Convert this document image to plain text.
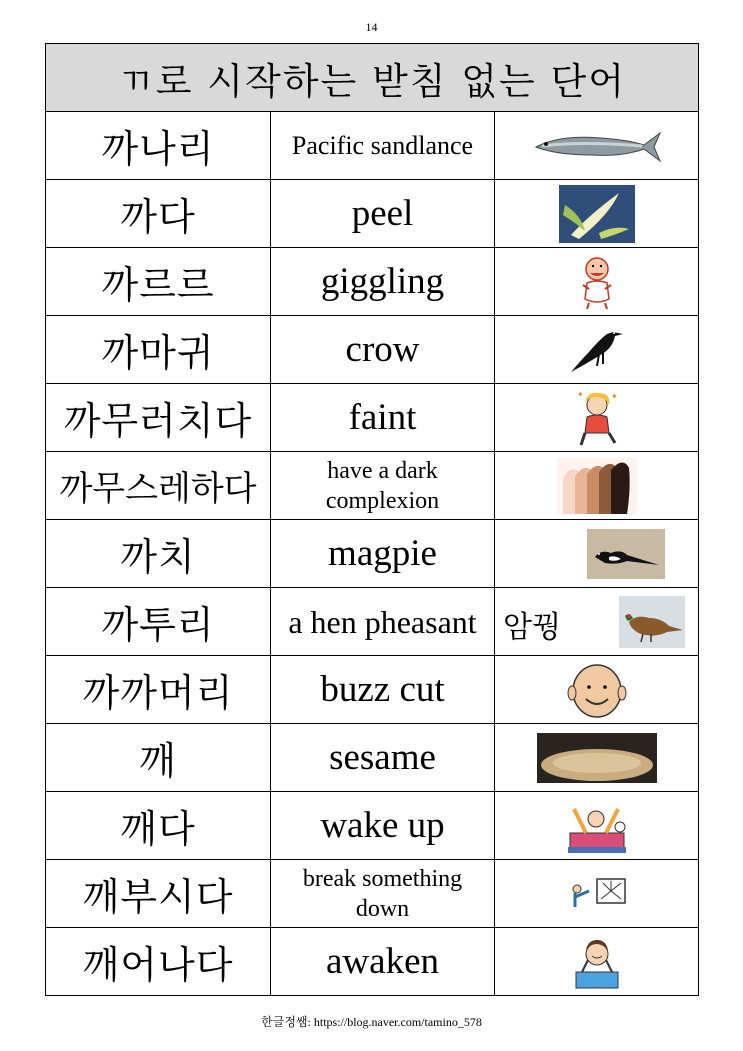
14
ㄲ로 시작하는 받침 없는 단어		
까나리	Pacific sandlance	

까다	peel	

까르르	giggling	

까마귀	crow	

까무러치다	faint	✦ ✦

까무스레하다	have a dark
complexion

까치	magpie	

까투리	a hen pheasant	암꿩

까까머리	buzz cut	

깨	sesame	

깨다	wake up	

깨부시다	break something
down

깨어나다	awaken	
한글정쌤: https://blog.naver.com/tamino_578
